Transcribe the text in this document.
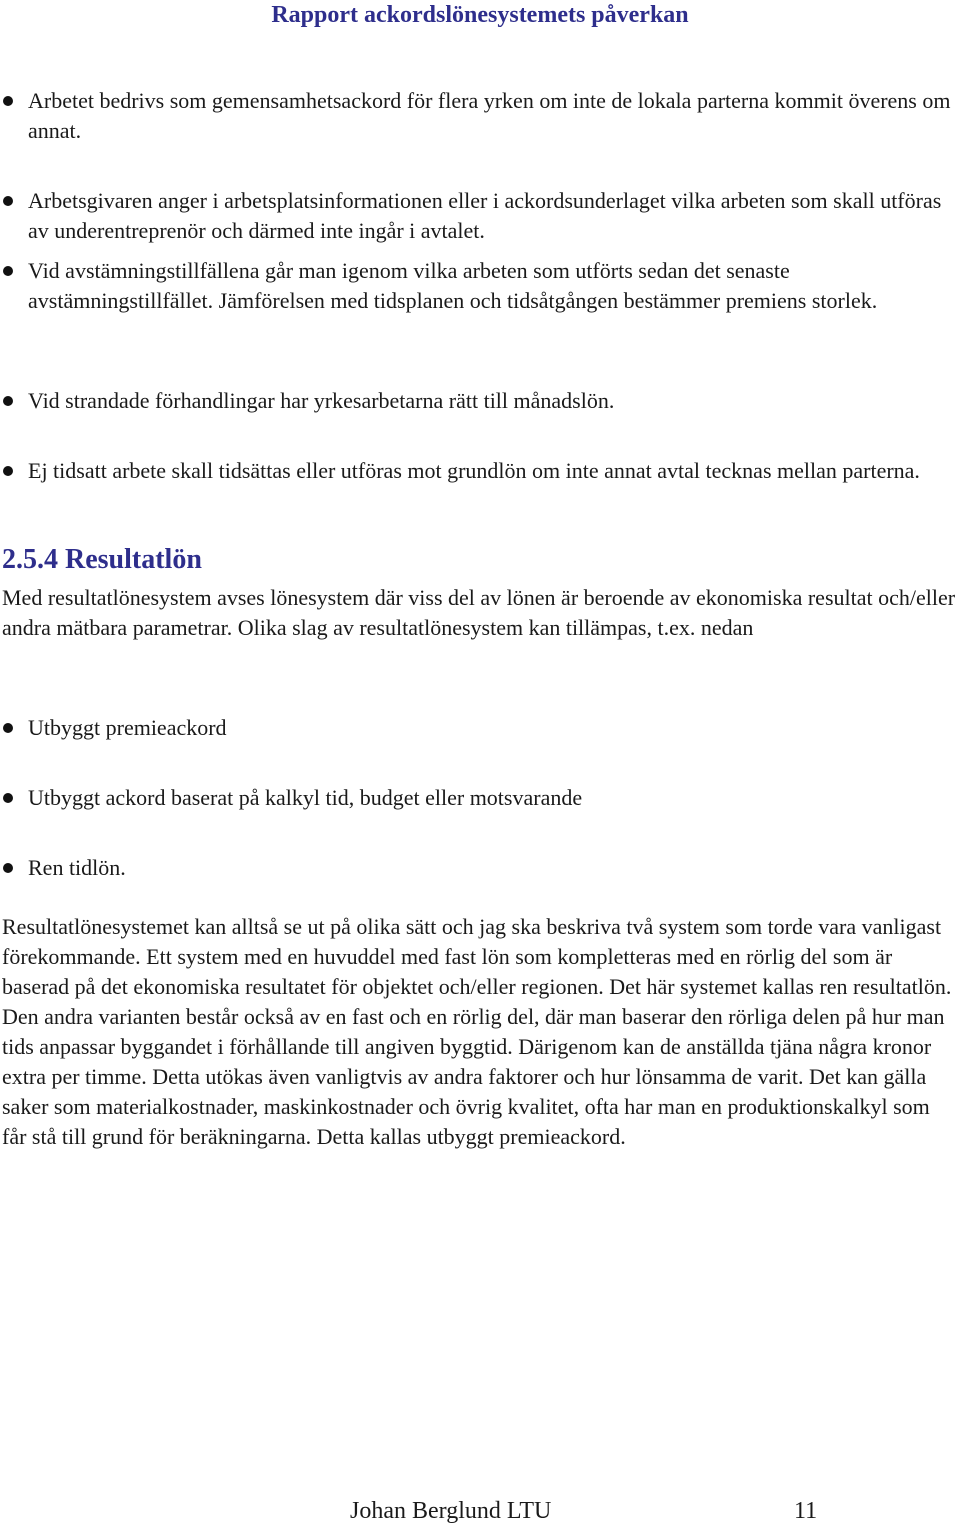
Rapport ackordslönesystemets påverkan
Arbetet bedrivs som gemensamhetsackord för flera yrken om inte de lokala parterna kommit överens om annat.
Arbetsgivaren anger i arbetsplatsinformationen eller i ackordsunderlaget vilka arbeten som skall utföras av underentreprenör och därmed inte ingår i avtalet.
Vid avstämningstillfällena går man igenom vilka arbeten som utförts sedan det senaste avstämningstillfället. Jämförelsen med tidsplanen och tidsåtgången bestämmer premiens storlek.
Vid strandade förhandlingar har yrkesarbetarna rätt till månadslön.
Ej tidsatt arbete skall tidsättas eller utföras mot grundlön om inte annat avtal tecknas mellan parterna.
2.5.4 Resultatlön
Med resultatlönesystem avses lönesystem där viss del av lönen är beroende av ekonomiska resultat och/eller andra mätbara parametrar. Olika slag av resultatlönesystem kan tillämpas, t.ex. nedan
Utbyggt premieackord
Utbyggt ackord baserat på kalkyl tid, budget eller motsvarande
Ren tidlön.
Resultatlönesystemet kan alltså se ut på olika sätt och jag ska beskriva två system som torde vara vanligast förekommande. Ett system med en huvuddel med fast lön som kompletteras med en rörlig del som är baserad på det ekonomiska resultatet för objektet och/eller regionen. Det här systemet kallas ren resultatlön. Den andra varianten består också av en fast och en rörlig del, där man baserar den rörliga delen på hur man tids anpassar byggandet i förhållande till angiven byggtid. Därigenom kan de anställda tjäna några kronor extra per timme. Detta utökas även vanligtvis av andra faktorer och hur lönsamma de varit. Det kan gälla saker som materialkostnader, maskinkostnader och övrig kvalitet, ofta har man en produktionskalkyl som får stå till grund för beräkningarna. Detta kallas utbyggt premieackord.
Johan Berglund LTU	11
